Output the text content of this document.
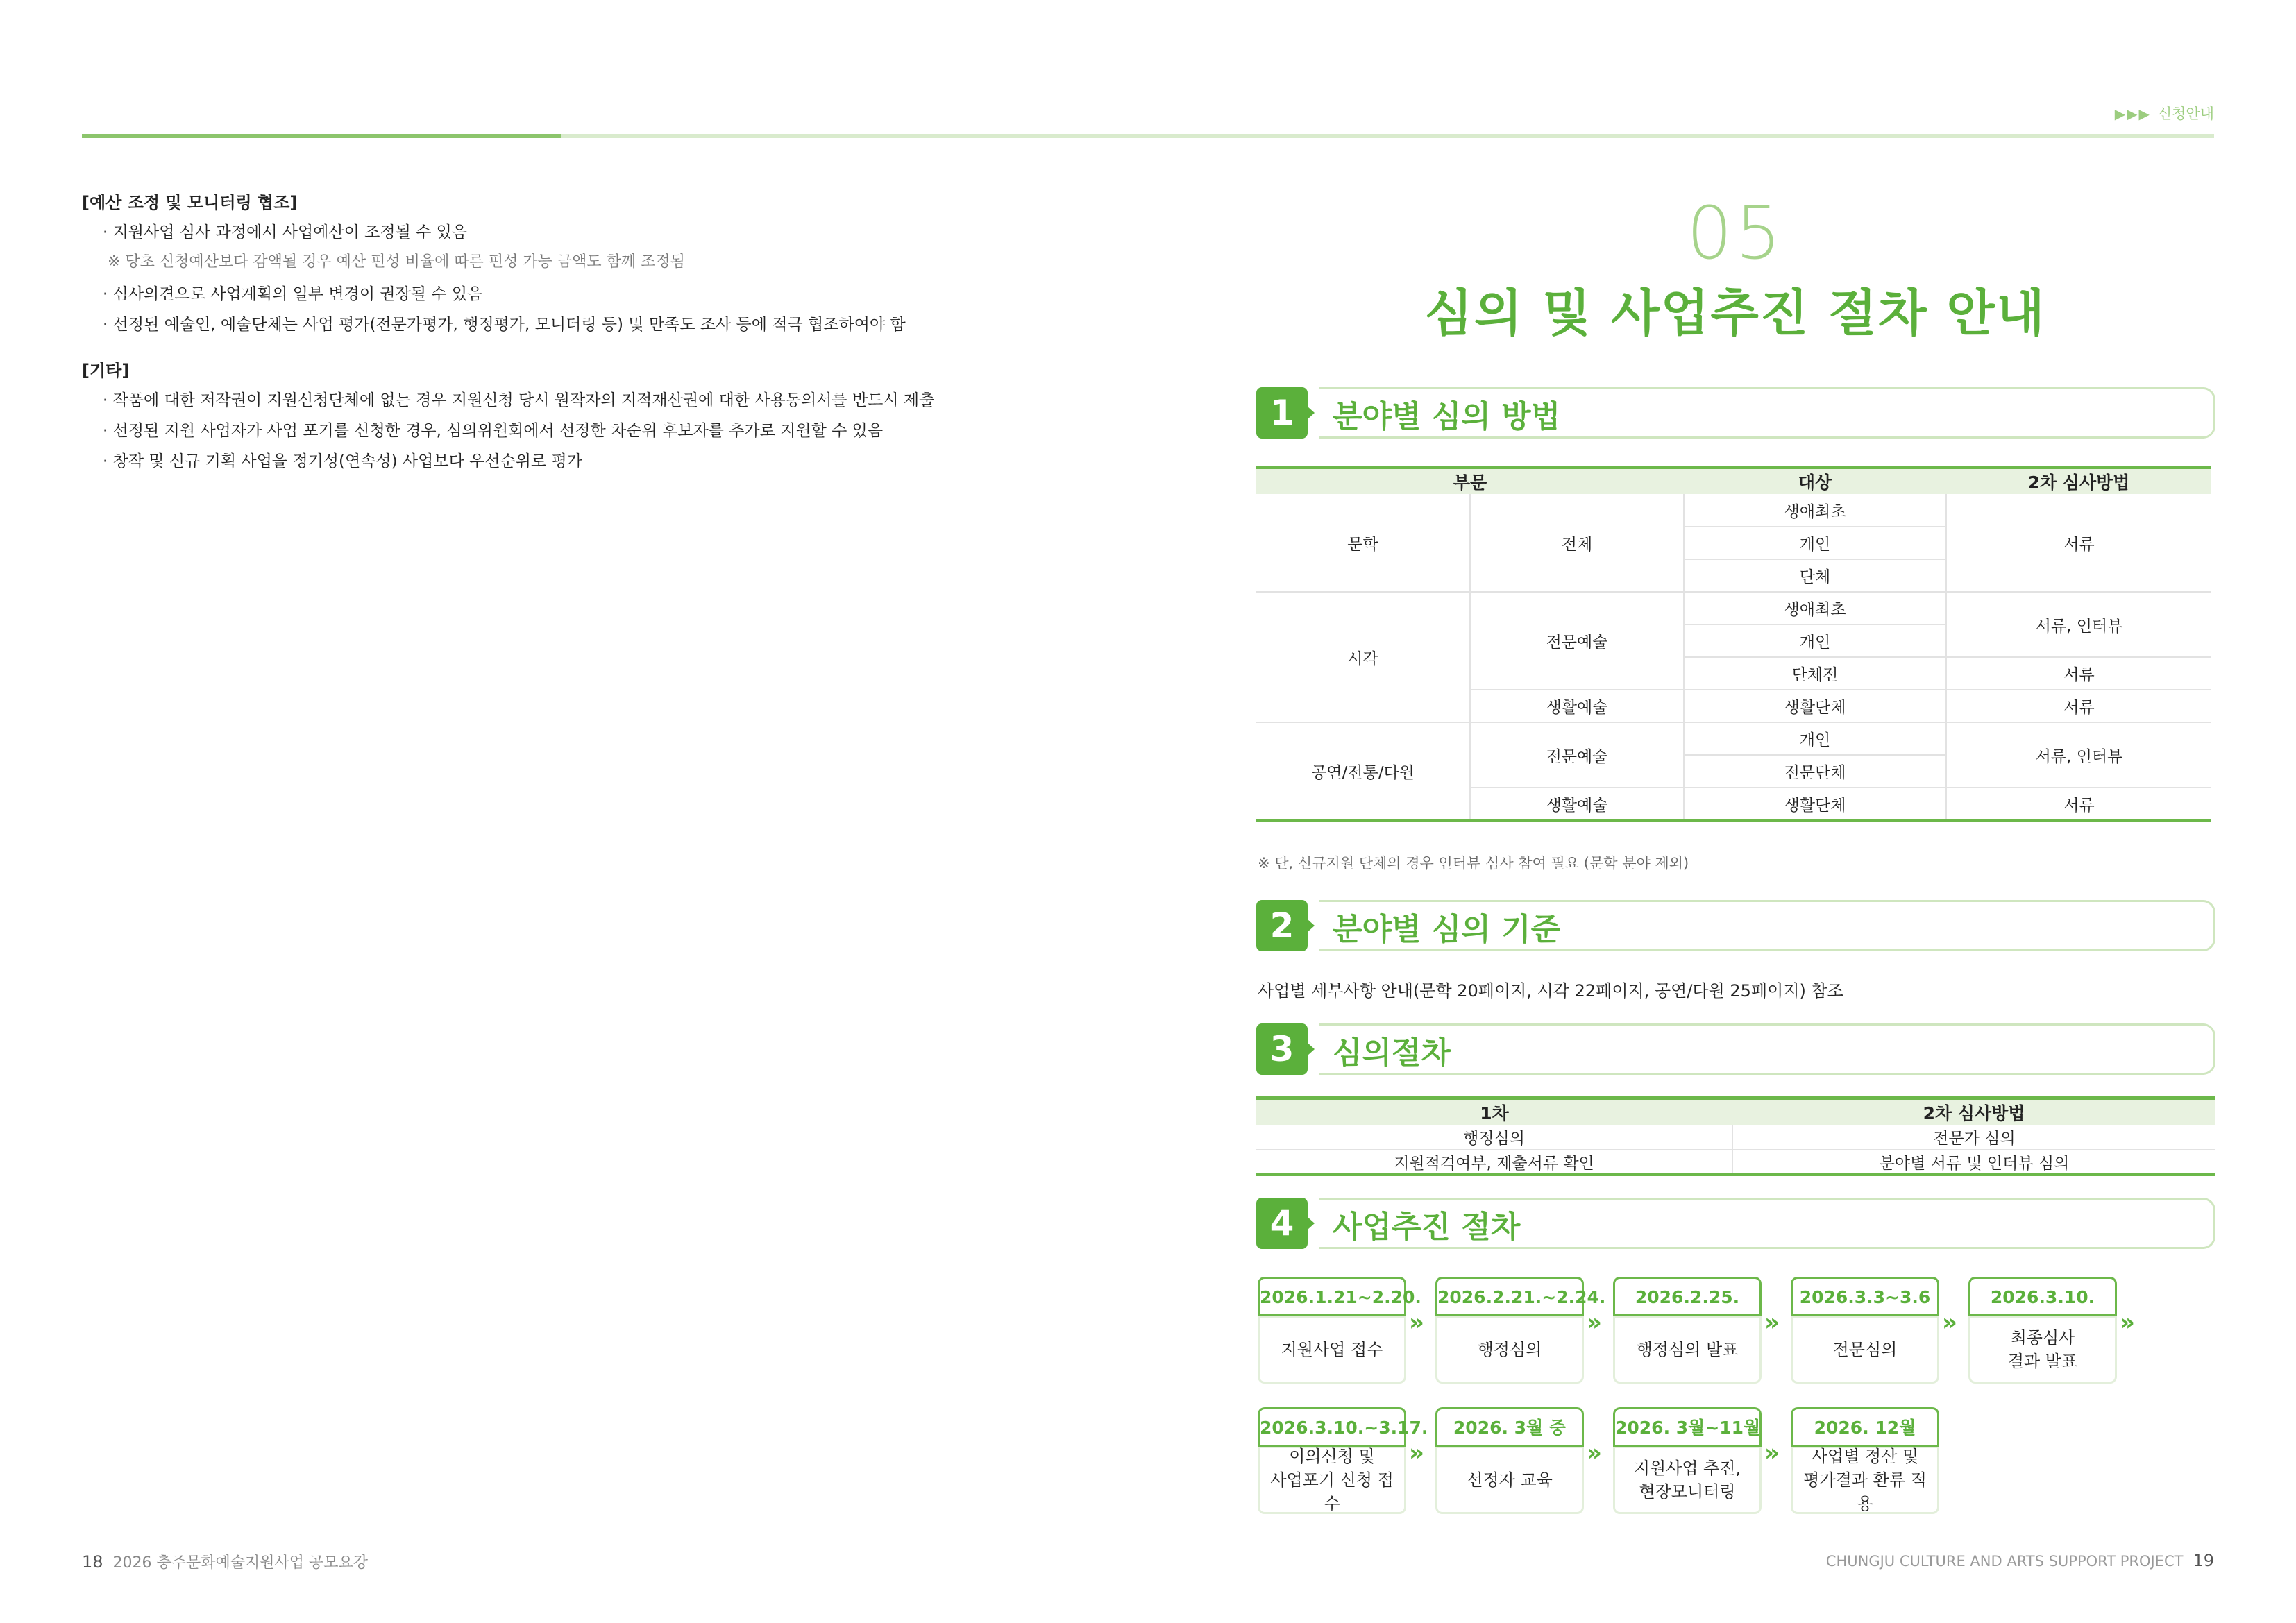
▶▶▶ 신청안내
[예산 조정 및 모니터링 협조]
· 지원사업 심사 과정에서 사업예산이 조정될 수 있음
※ 당초 신청예산보다 감액될 경우 예산 편성 비율에 따른 편성 가능 금액도 함께 조정됨
· 심사의견으로 사업계획의 일부 변경이 권장될 수 있음
· 선정된 예술인, 예술단체는 사업 평가(전문가평가, 행정평가, 모니터링 등) 및 만족도 조사 등에 적극 협조하여야 함
[기타]
· 작품에 대한 저작권이 지원신청단체에 없는 경우 지원신청 당시 원작자의 지적재산권에 대한 사용동의서를 반드시 제출
· 선정된 지원 사업자가 사업 포기를 신청한 경우, 심의위원회에서 선정한 차순위 후보자를 추가로 지원할 수 있음
· 창작 및 신규 기획 사업을 정기성(연속성) 사업보다 우선순위로 평가
05
심의 및 사업추진 절차 안내
1	분야별 심의 방법
부문		대상	2차 심사방법
문학	전체	생애최초	서류
		개인	
		단체	
시각	전문예술	생애최초	서류, 인터뷰
		개인	
		단체전	서류
	생활예술	생활단체	서류
공연/전통/다원	전문예술	개인	서류, 인터뷰
		전문단체	
	생활예술	생활단체	서류
※ 단, 신규지원 단체의 경우 인터뷰 심사 참여 필요 (문학 분야 제외)
2	분야별 심의 기준
사업별 세부사항 안내(문학 20페이지, 시각 22페이지, 공연/다원 25페이지) 참조
3	심의절차
1차	2차 심사방법
행정심의	전문가 심의
지원적격여부, 제출서류 확인	분야별 서류 및 인터뷰 심의
4	사업추진 절차
2026.1.21~2.20.
지원사업 접수
»
2026.2.21.~2.24.
행정심의
»
2026.2.25.
행정심의 발표
»
2026.3.3~3.6
전문심의
»
2026.3.10.
최종심사
결과 발표
»
2026.3.10.~3.17.
이의신청 및
사업포기 신청 접수
»
2026. 3월 중
선정자 교육
»
2026. 3월~11월
지원사업 추진,
현장모니터링
»
2026. 12월
사업별 정산 및
평가결과 환류 적용
18 2026 충주문화예술지원사업 공모요강	CHUNGJU CULTURE AND ARTS SUPPORT PROJECT 19
